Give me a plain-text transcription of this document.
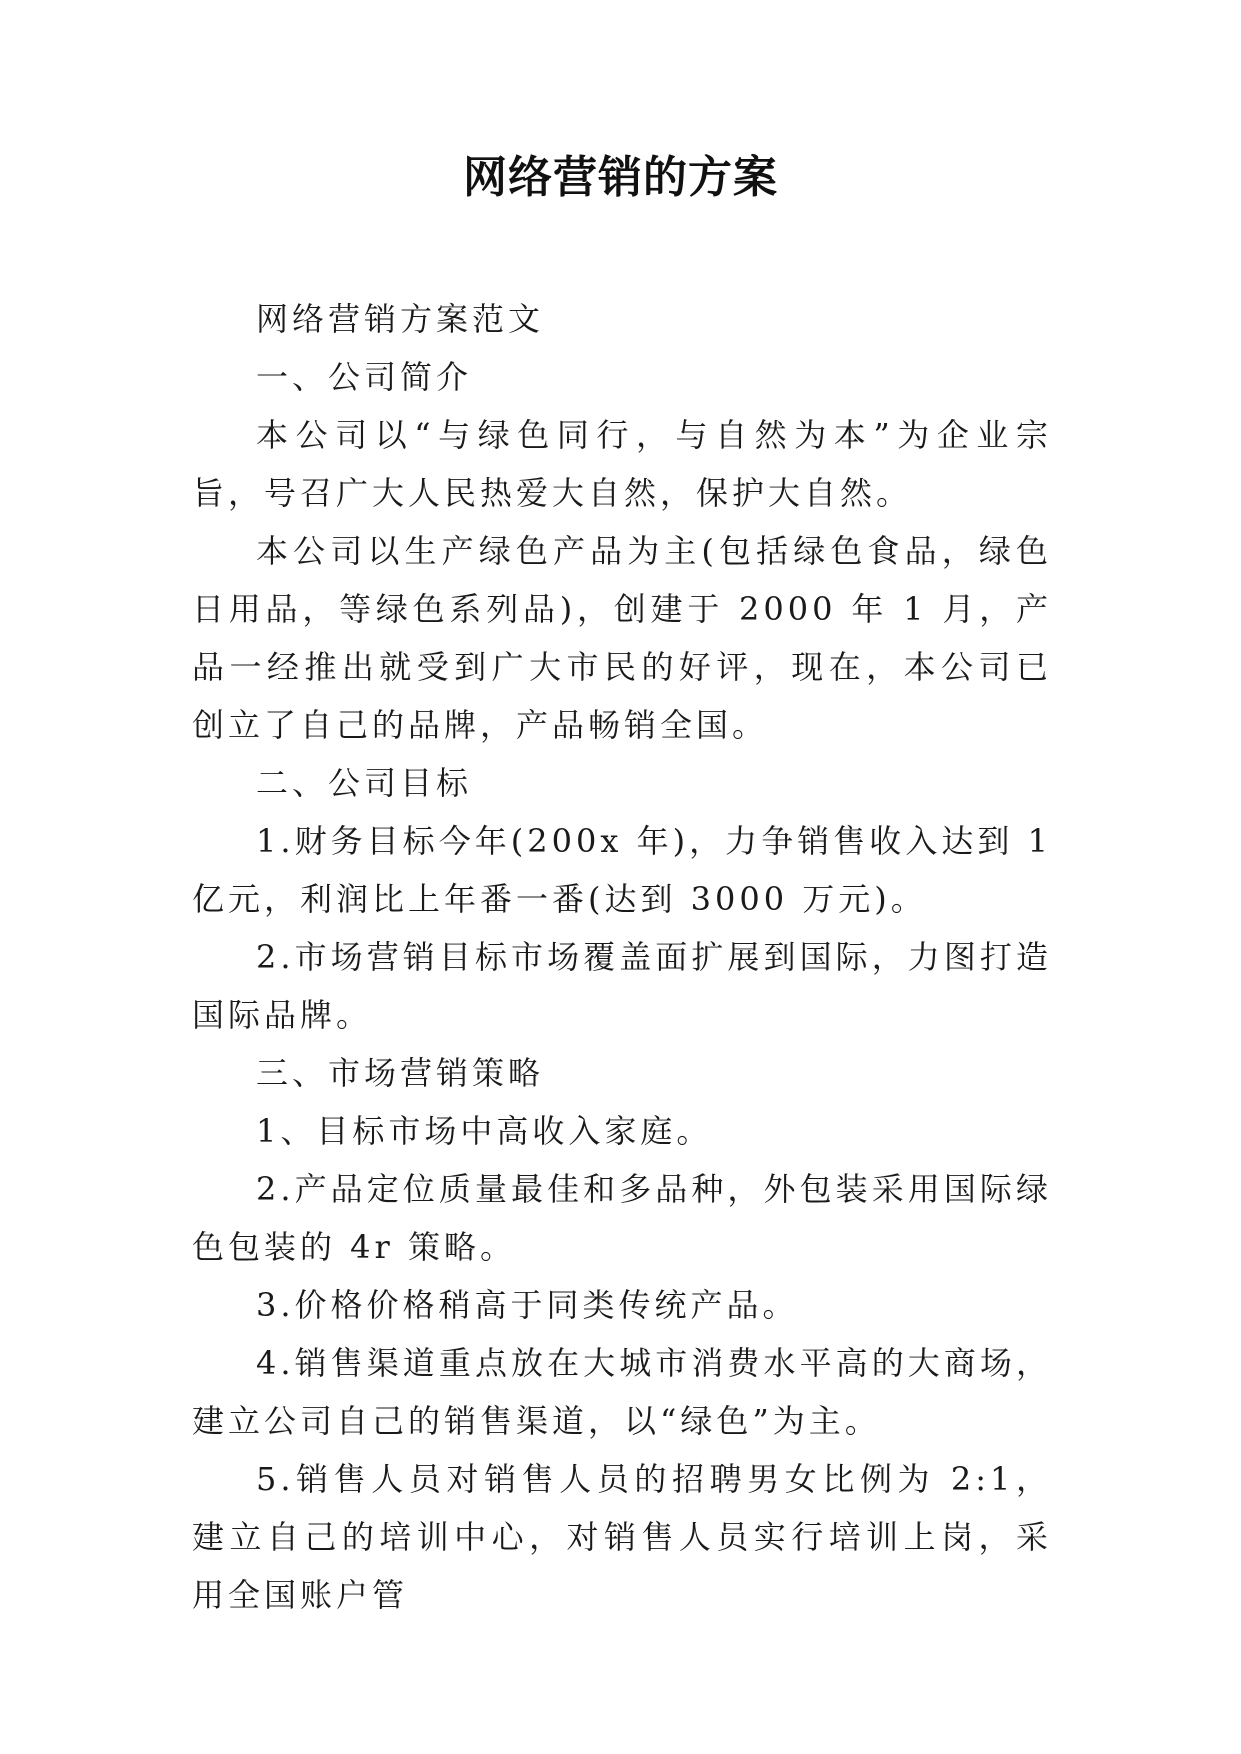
网络营销的方案

网络营销方案范文

一、公司简介

本公司以“与绿色同行，与自然为本”为企业宗旨，号召广大人民热爱大自然，保护大自然。

本公司以生产绿色产品为主(包括绿色食品，绿色日用品，等绿色系列品)，创建于 2000 年 1 月，产品一经推出就受到广大市民的好评，现在，本公司已创立了自己的品牌，产品畅销全国。

二、公司目标

1.财务目标今年(200x 年)，力争销售收入达到 1 亿元，利润比上年番一番(达到 3000 万元)。

2.市场营销目标市场覆盖面扩展到国际，力图打造国际品牌。

三、市场营销策略

1、目标市场中高收入家庭。

2.产品定位质量最佳和多品种，外包装采用国际绿色包装的 4r 策略。

3.价格价格稍高于同类传统产品。

4.销售渠道重点放在大城市消费水平高的大商场，建立公司自己的销售渠道，以“绿色”为主。

5.销售人员对销售人员的招聘男女比例为 2:1，建立自己的培训中心，对销售人员实行培训上岗，采用全国账户管
